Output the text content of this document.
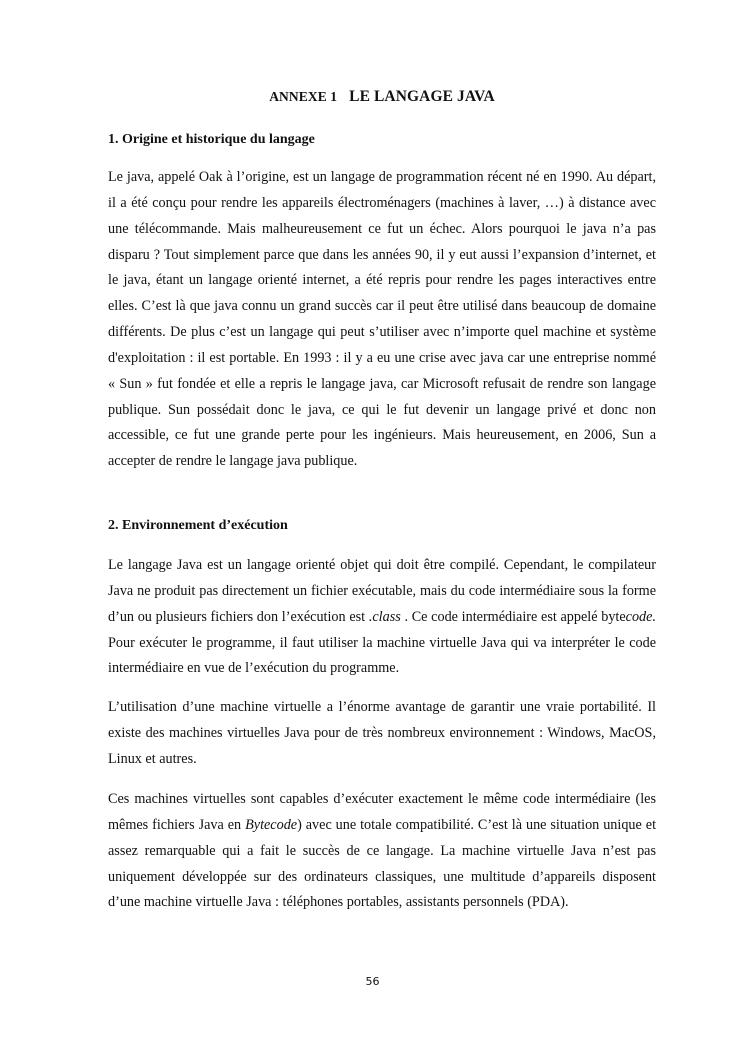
ANNEXE 1 LE LANGAGE JAVA
1. Origine et historique du langage

Le java, appelé Oak à l’origine, est un langage de programmation récent né en 1990. Au départ, il a été conçu pour rendre les appareils électroménagers (machines à laver, …) à distance avec une télécommande. Mais malheureusement ce fut un échec. Alors pourquoi le java n’a pas disparu ? Tout simplement parce que dans les années 90, il y eut aussi l’expansion d’internet, et le java, étant un langage orienté internet, a été repris pour rendre les pages interactives entre elles. C’est là que java connu un grand succès car il peut être utilisé dans beaucoup de domaine différents. De plus c’est un langage qui peut s’utiliser avec n’importe quel machine et système d'exploitation : il est portable. En 1993 : il y a eu une crise avec java car une entreprise nommé « Sun » fut fondée et elle a repris le langage java, car Microsoft refusait de rendre son langage publique. Sun possédait donc le java, ce qui le fut devenir un langage privé et donc non accessible, ce fut une grande perte pour les ingénieurs. Mais heureusement, en 2006, Sun a accepter de rendre le langage java publique.

2. Environnement d’exécution

Le langage Java est un langage orienté objet qui doit être compilé. Cependant, le compilateur Java ne produit pas directement un fichier exécutable, mais du code intermédiaire sous la forme d’un ou plusieurs fichiers don l’exécution est .class . Ce code intermédiaire est appelé bytecode. Pour exécuter le programme, il faut utiliser la machine virtuelle Java qui va interpréter le code intermédiaire en vue de l’exécution du programme.

L’utilisation d’une machine virtuelle a l’énorme avantage de garantir une vraie portabilité. Il existe des machines virtuelles Java pour de très nombreux environnement : Windows, MacOS, Linux et autres.

Ces machines virtuelles sont capables d’exécuter exactement le même code intermédiaire (les mêmes fichiers Java en Bytecode) avec une totale compatibilité. C’est là une situation unique et assez remarquable qui a fait le succès de ce langage. La machine virtuelle Java n’est pas uniquement développée sur des ordinateurs classiques, une multitude d’appareils disposent d’une machine virtuelle Java : téléphones portables, assistants personnels (PDA).

56
